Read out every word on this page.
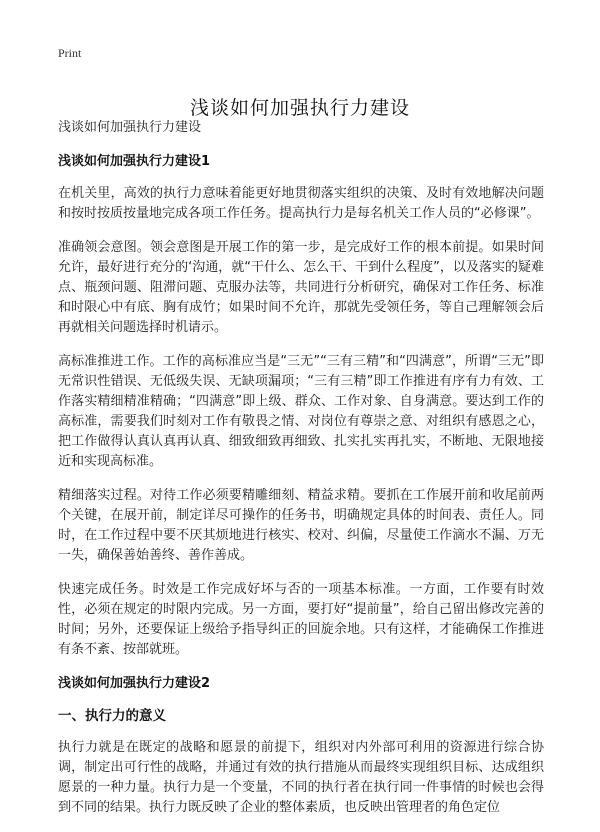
Print
浅谈如何加强执行力建设
浅谈如何加强执行力建设
浅谈如何加强执行力建设1

在机关里，高效的执行力意味着能更好地贯彻落实组织的决策、及时有效地解决问题和按时按质按量地完成各项工作任务。提高执行力是每名机关工作人员的“必修课”。

准确领会意图。领会意图是开展工作的第一步，是完成好工作的根本前提。如果时间允许，最好进行充分的‘沟通，就“干什么、怎么干、干到什么程度”，以及落实的疑难点、瓶颈问题、阻滞问题、克服办法等，共同进行分析研究，确保对工作任务、标准和时限心中有底、胸有成竹；如果时间不允许，那就先受领任务，等自己理解领会后再就相关问题选择时机请示。

高标准推进工作。工作的高标准应当是“三无”“三有三精”和“四满意”，所谓“三无”即无常识性错误、无低级失误、无缺项漏项；“三有三精”即工作推进有序有力有效、工作落实精细精准精确；“四满意”即上级、群众、工作对象、自身满意。要达到工作的高标准，需要我们时刻对工作有敬畏之情、对岗位有尊崇之意、对组织有感恩之心，把工作做得认真认真再认真、细致细致再细致、扎实扎实再扎实，不断地、无限地接近和实现高标准。

精细落实过程。对待工作必须要精雕细刻、精益求精。要抓在工作展开前和收尾前两个关键，在展开前，制定详尽可操作的任务书，明确规定具体的时间表、责任人。同时，在工作过程中要不厌其烦地进行核实、校对、纠偏，尽量使工作滴水不漏、万无一失，确保善始善终、善作善成。

快速完成任务。时效是工作完成好坏与否的一项基本标准。一方面，工作要有时效性，必须在规定的时限内完成。另一方面，要打好“提前量”，给自己留出修改完善的时间；另外，还要保证上级给予指导纠正的回旋余地。只有这样，才能确保工作推进有条不紊、按部就班。

浅谈如何加强执行力建设2
一、执行力的意义

执行力就是在既定的战略和愿景的前提下，组织对内外部可利用的资源进行综合协调，制定出可行性的战略，并通过有效的执行措施从而最终实现组织目标、达成组织愿景的一种力量。执行力是一个变量，不同的执行者在执行同一件事情的时候也会得到不同的结果。执行力既反映了企业的整体素质，也反映出管理者的角色定位
